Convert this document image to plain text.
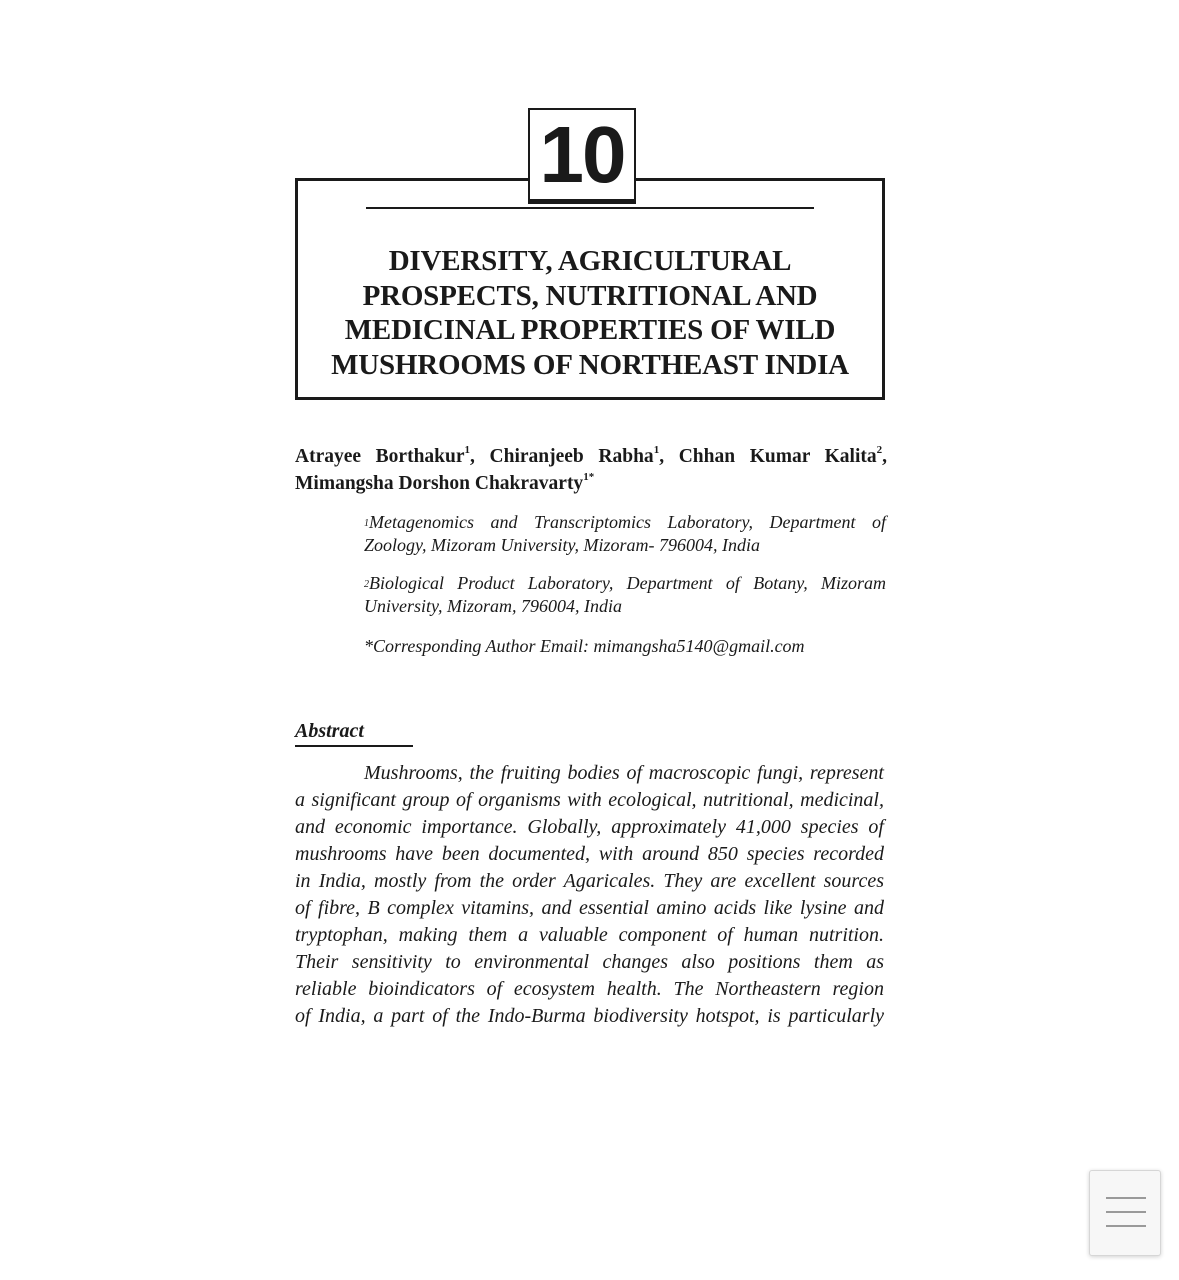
10
DIVERSITY, AGRICULTURAL
PROSPECTS, NUTRITIONAL AND
MEDICINAL PROPERTIES OF WILD
MUSHROOMS OF NORTHEAST INDIA
Atrayee Borthakur$^1$, Chiranjeeb Rabha$^1$, Chhan Kumar Kalita$^2$,
Mimangsha Dorshon Chakravarty$^{1*}$
$^1$Metagenomics and Transcriptomics Laboratory, Department of
Zoology, Mizoram University, Mizoram- 796004, India
$^2$Biological Product Laboratory, Department of Botany, Mizoram
University, Mizoram, 796004, India
*Corresponding Author Email: mimangsha5140@gmail.com
Abstract
Mushrooms, the fruiting bodies of macroscopic fungi, represent
a significant group of organisms with ecological, nutritional, medicinal,
and economic importance. Globally, approximately 41,000 species of
mushrooms have been documented, with around 850 species recorded
in India, mostly from the order Agaricales. They are excellent sources
of fibre, B complex vitamins, and essential amino acids like lysine and
tryptophan, making them a valuable component of human nutrition.
Their sensitivity to environmental changes also positions them as
reliable bioindicators of ecosystem health. The Northeastern region
of India, a part of the Indo-Burma biodiversity hotspot, is particularly
